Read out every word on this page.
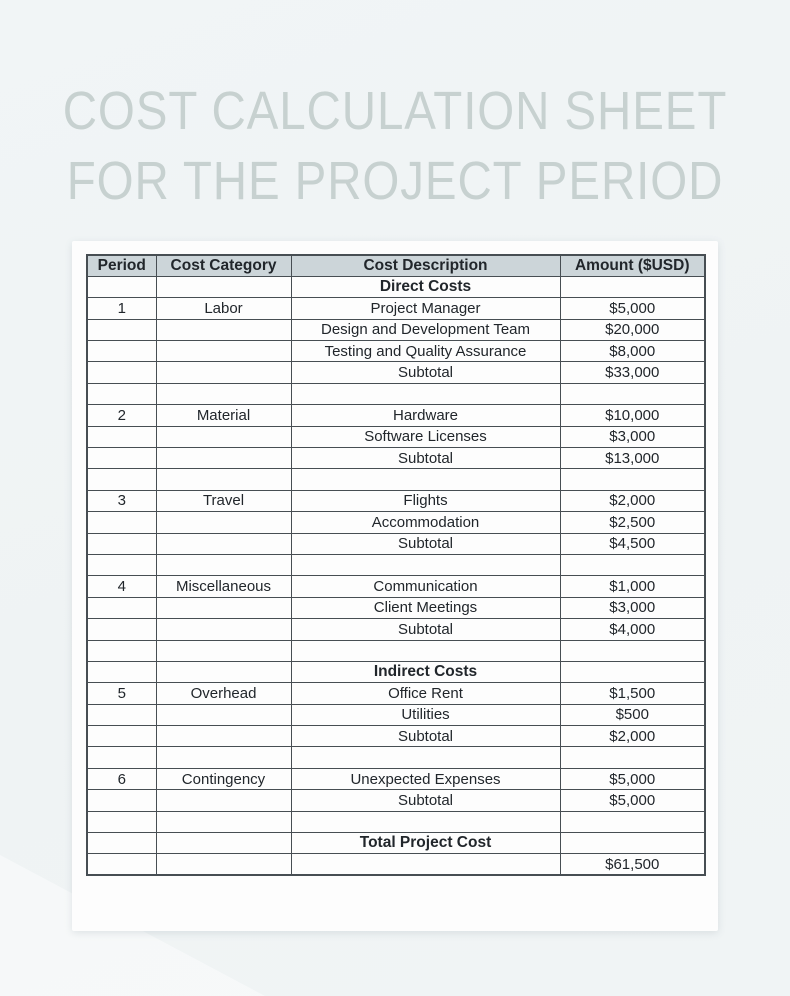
COST CALCULATION SHEET
FOR THE PROJECT PERIOD
Period	Cost Category	Cost Description	Amount ($USD)
		Direct Costs	
1	Labor	Project Manager	$5,000
		Design and Development Team	$20,000
		Testing and Quality Assurance	$8,000
		Subtotal	$33,000

2	Material	Hardware	$10,000
		Software Licenses	$3,000
		Subtotal	$13,000

3	Travel	Flights	$2,000
		Accommodation	$2,500
		Subtotal	$4,500

4	Miscellaneous	Communication	$1,000
		Client Meetings	$3,000
		Subtotal	$4,000

		Indirect Costs	
5	Overhead	Office Rent	$1,500
		Utilities	$500
		Subtotal	$2,000

6	Contingency	Unexpected Expenses	$5,000
		Subtotal	$5,000

		Total Project Cost	
			$61,500
